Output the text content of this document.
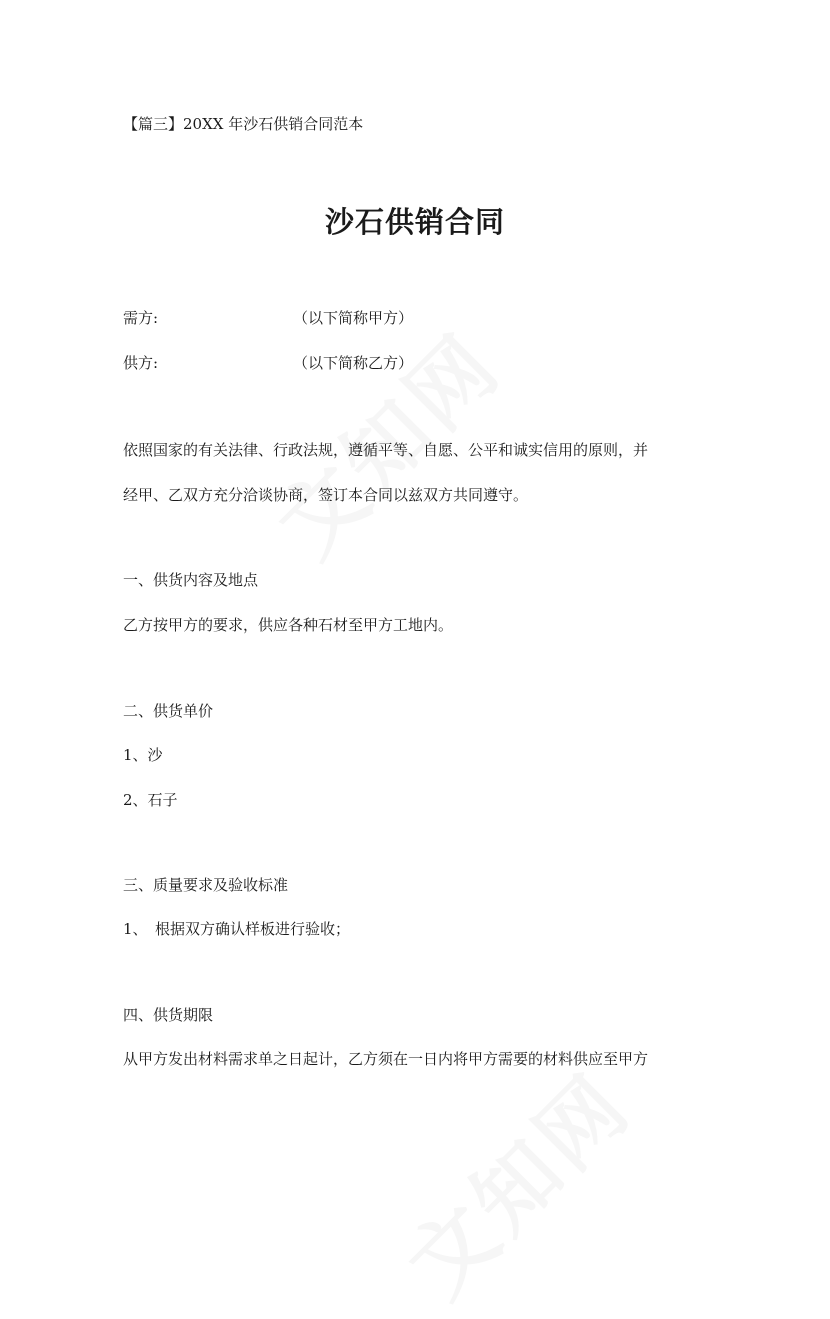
【篇三】20XX 年沙石供销合同范本
沙石供销合同
需方:	（以下简称甲方）
供方:	（以下简称乙方）
依照国家的有关法律、行政法规，遵循平等、自愿、公平和诚实信用的原则，并
经甲、乙双方充分洽谈协商，签订本合同以兹双方共同遵守。
一、供货内容及地点
乙方按甲方的要求，供应各种石材至甲方工地内。
二、供货单价
1、沙
2、石子
三、质量要求及验收标准
1、　根据双方确认样板进行验收；
四、供货期限
从甲方发出材料需求单之日起计，乙方须在一日内将甲方需要的材料供应至甲方
